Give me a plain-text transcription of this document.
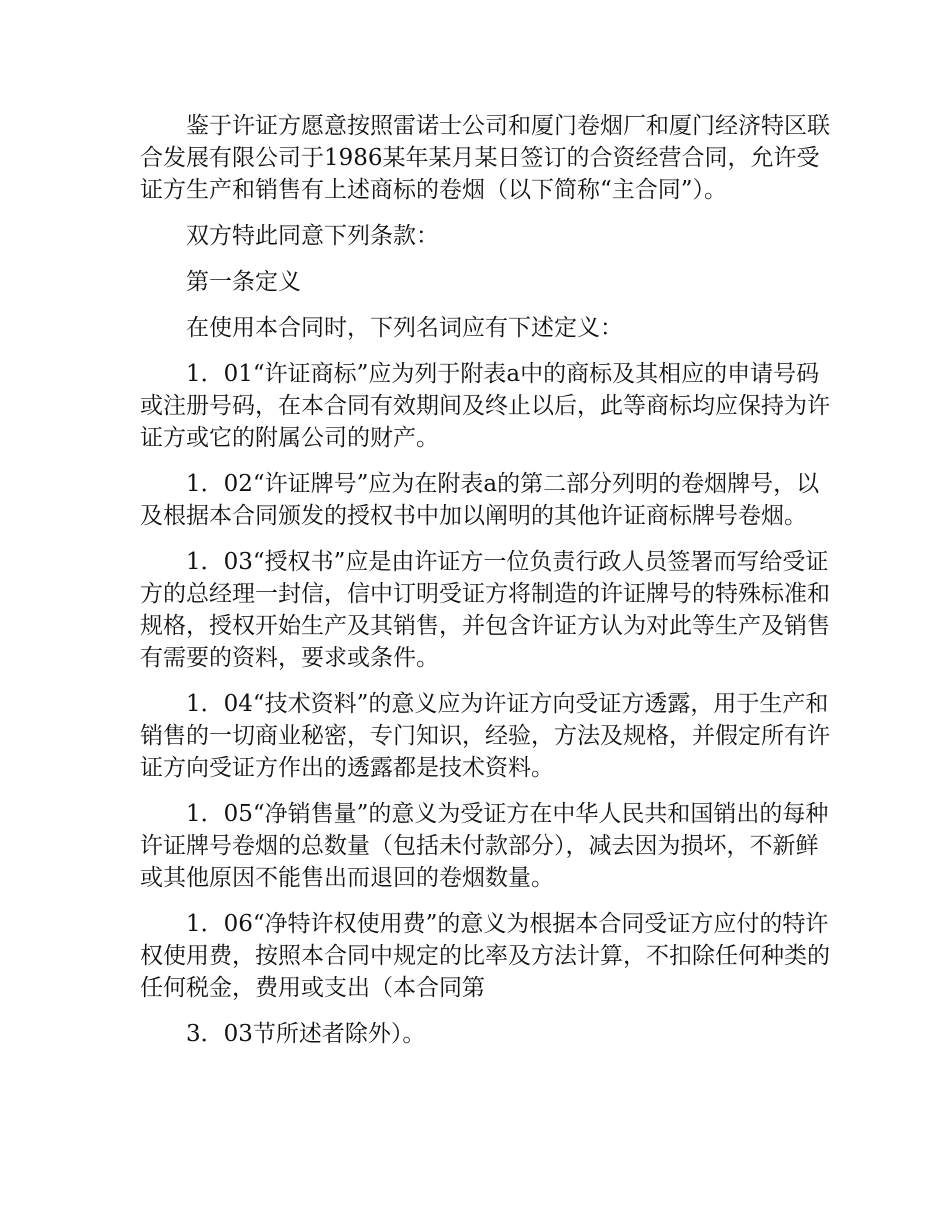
鉴于许证方愿意按照雷诺士公司和厦门卷烟厂和厦门经济特区联合发展有限公司于1986某年某月某日签订的合资经营合同，允许受证方生产和销售有上述商标的卷烟（以下简称“主合同”）。

双方特此同意下列条款：

第一条定义

在使用本合同时，下列名词应有下述定义：

1．01“许证商标”应为列于附表a中的商标及其相应的申请号码或注册号码，在本合同有效期间及终止以后，此等商标均应保持为许证方或它的附属公司的财产。

1．02“许证牌号”应为在附表a的第二部分列明的卷烟牌号，以及根据本合同颁发的授权书中加以阐明的其他许证商标牌号卷烟。

1．03“授权书”应是由许证方一位负责行政人员签署而写给受证方的总经理一封信，信中订明受证方将制造的许证牌号的特殊标准和规格，授权开始生产及其销售，并包含许证方认为对此等生产及销售有需要的资料，要求或条件。

1．04“技术资料”的意义应为许证方向受证方透露，用于生产和销售的一切商业秘密，专门知识，经验，方法及规格，并假定所有许证方向受证方作出的透露都是技术资料。

1．05“净销售量”的意义为受证方在中华人民共和国销出的每种许证牌号卷烟的总数量（包括未付款部分），减去因为损坏，不新鲜或其他原因不能售出而退回的卷烟数量。

1．06“净特许权使用费”的意义为根据本合同受证方应付的特许权使用费，按照本合同中规定的比率及方法计算，不扣除任何种类的任何税金，费用或支出（本合同第

3．03节所述者除外）。
